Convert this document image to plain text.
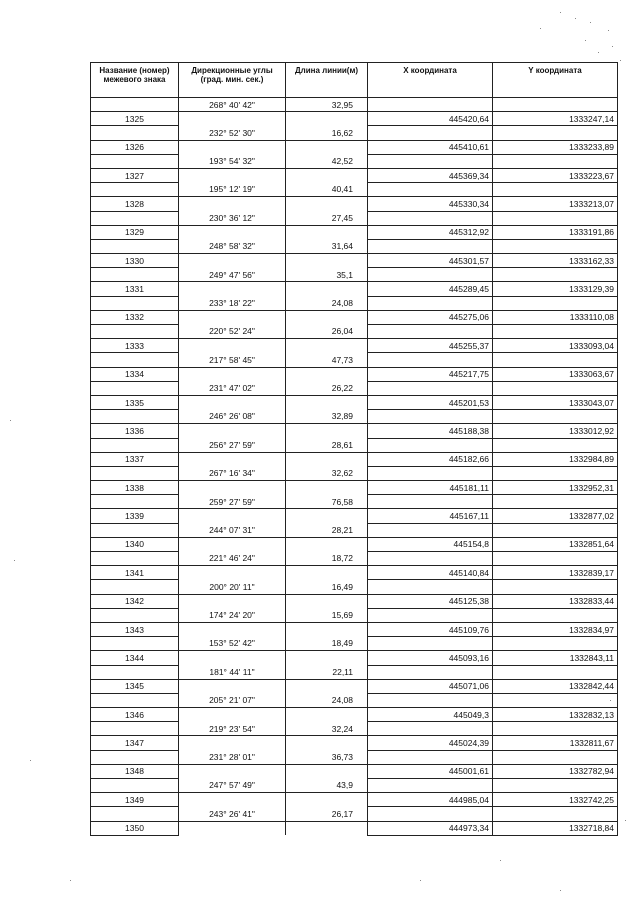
Название (номер) межевого знака	Дирекционные углы (град. мин. сек.)	Длина линии(м)	X координата	Y координата
	268° 40' 42"	32,95		
1325			445420,64	1333247,14
	232° 52' 30"	16,62		
1326			445410,61	1333233,89
	193° 54' 32"	42,52		
1327			445369,34	1333223,67
	195° 12' 19"	40,41		
1328			445330,34	1333213,07
	230° 36' 12"	27,45		
1329			445312,92	1333191,86
	248° 58' 32"	31,64		
1330			445301,57	1333162,33
	249° 47' 56"	35,1		
1331			445289,45	1333129,39
	233° 18' 22"	24,08		
1332			445275,06	1333110,08
	220° 52' 24"	26,04		
1333			445255,37	1333093,04
	217° 58' 45"	47,73		
1334			445217,75	1333063,67
	231° 47' 02"	26,22		
1335			445201,53	1333043,07
	246° 26' 08"	32,89		
1336			445188,38	1333012,92
	256° 27' 59"	28,61		
1337			445182,66	1332984,89
	267° 16' 34"	32,62		
1338			445181,11	1332952,31
	259° 27' 59"	76,58		
1339			445167,11	1332877,02
	244° 07' 31"	28,21		
1340			445154,8	1332851,64
	221° 46' 24"	18,72		
1341			445140,84	1332839,17
	200° 20' 11"	16,49		
1342			445125,38	1332833,44
	174° 24' 20"	15,69		
1343			445109,76	1332834,97
	153° 52' 42"	18,49		
1344			445093,16	1332843,11
	181° 44' 11"	22,11		
1345			445071,06	1332842,44
	205° 21' 07"	24,08		
1346			445049,3	1332832,13
	219° 23' 54"	32,24		
1347			445024,39	1332811,67
	231° 28' 01"	36,73		
1348			445001,61	1332782,94
	247° 57' 49"	43,9		
1349			444985,04	1332742,25
	243° 26' 41"	26,17		
1350			444973,34	1332718,84
